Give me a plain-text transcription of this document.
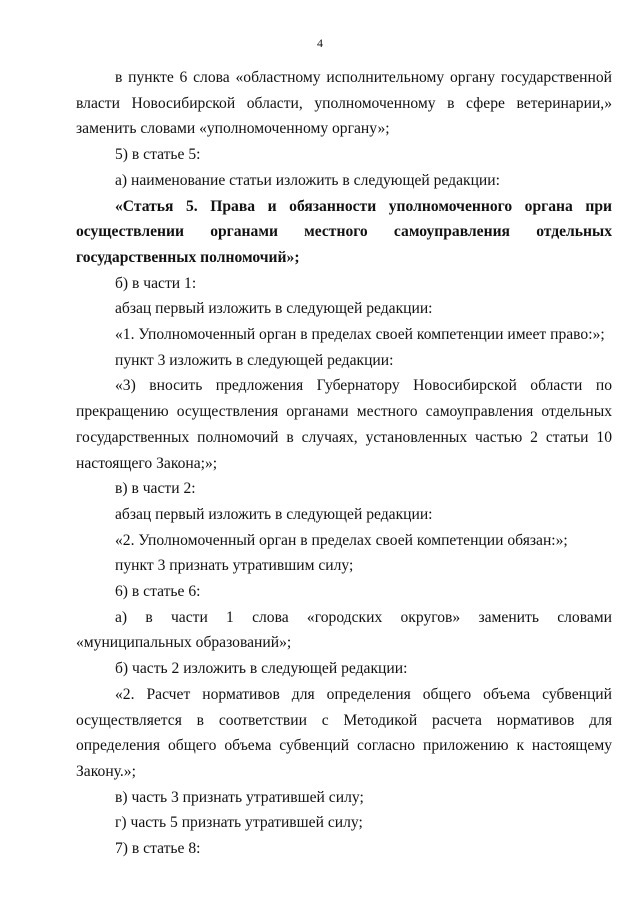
4

в пункте 6 слова «областному исполнительному органу государственной власти Новосибирской области, уполномоченному в сфере ветеринарии,» заменить словами «уполномоченному органу»;

5) в статье 5:

а) наименование статьи изложить в следующей редакции:

«Статья 5. Права и обязанности уполномоченного органа при осуществлении органами местного самоуправления отдельных государственных полномочий»;

б) в части 1:

абзац первый изложить в следующей редакции:

«1. Уполномоченный орган в пределах своей компетенции имеет право:»;

пункт 3 изложить в следующей редакции:

«3) вносить предложения Губернатору Новосибирской области по прекращению осуществления органами местного самоуправления отдельных государственных полномочий в случаях, установленных частью 2 статьи 10 настоящего Закона;»;

в) в части 2:

абзац первый изложить в следующей редакции:

«2. Уполномоченный орган в пределах своей компетенции обязан:»;

пункт 3 признать утратившим силу;

6) в статье 6:

а) в части 1 слова «городских округов» заменить словами «муниципальных образований»;

б) часть 2 изложить в следующей редакции:

«2. Расчет нормативов для определения общего объема субвенций осуществляется в соответствии с Методикой расчета нормативов для определения общего объема субвенций согласно приложению к настоящему Закону.»;

в) часть 3 признать утратившей силу;

г) часть 5 признать утратившей силу;

7) в статье 8:
